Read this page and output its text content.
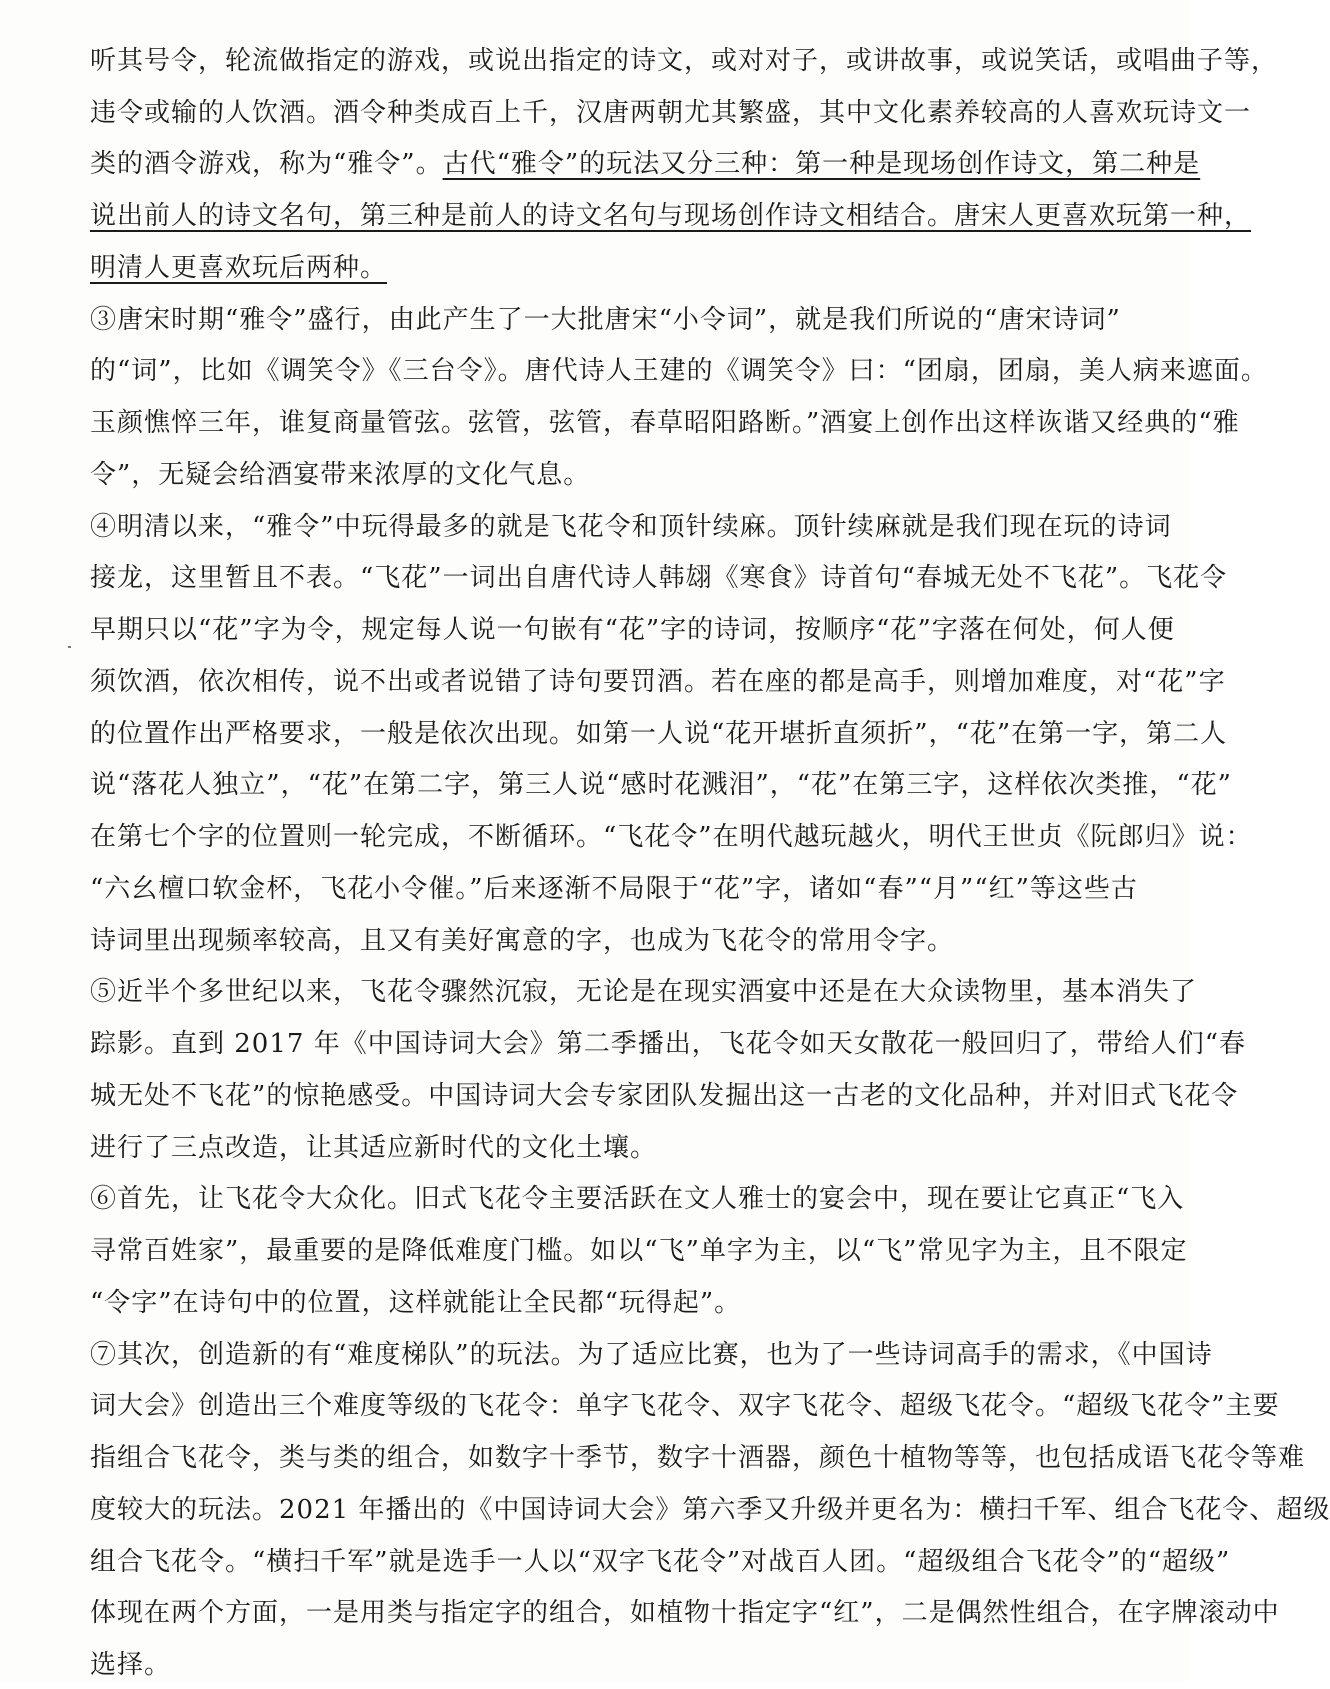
听其号令，轮流做指定的游戏，或说出指定的诗文，或对对子，或讲故事，或说笑话，或唱曲子等，
违令或输的人饮酒。酒令种类成百上千，汉唐两朝尤其繁盛，其中文化素养较高的人喜欢玩诗文一
类的酒令游戏，称为“雅令”。古代“雅令”的玩法又分三种：第一种是现场创作诗文，第二种是
说出前人的诗文名句，第三种是前人的诗文名句与现场创作诗文相结合。唐宋人更喜欢玩第一种，
明清人更喜欢玩后两种。
③唐宋时期“雅令”盛行，由此产生了一大批唐宋“小令词”，就是我们所说的“唐宋诗词”
的“词”，比如《调笑令》《三台令》。唐代诗人王建的《调笑令》曰：“团扇，团扇，美人病来遮面。
玉颜憔悴三年，谁复商量管弦。弦管，弦管，春草昭阳路断。”酒宴上创作出这样诙谐又经典的“雅
令”，无疑会给酒宴带来浓厚的文化气息。
④明清以来，“雅令”中玩得最多的就是飞花令和顶针续麻。顶针续麻就是我们现在玩的诗词
接龙，这里暂且不表。“飞花”一词出自唐代诗人韩翃《寒食》诗首句“春城无处不飞花”。飞花令
早期只以“花”字为令，规定每人说一句嵌有“花”字的诗词，按顺序“花”字落在何处，何人便
须饮酒，依次相传，说不出或者说错了诗句要罚酒。若在座的都是高手，则增加难度，对“花”字
的位置作出严格要求，一般是依次出现。如第一人说“花开堪折直须折”，“花”在第一字，第二人
说“落花人独立”，“花”在第二字，第三人说“感时花溅泪”，“花”在第三字，这样依次类推，“花”
在第七个字的位置则一轮完成，不断循环。“飞花令”在明代越玩越火，明代王世贞《阮郎归》说：
“六幺檀口软金杯，飞花小令催。”后来逐渐不局限于“花”字，诸如“春”“月”“红”等这些古
诗词里出现频率较高，且又有美好寓意的字，也成为飞花令的常用令字。
⑤近半个多世纪以来，飞花令骤然沉寂，无论是在现实酒宴中还是在大众读物里，基本消失了
踪影。直到 2017 年《中国诗词大会》第二季播出，飞花令如天女散花一般回归了，带给人们“春
城无处不飞花”的惊艳感受。中国诗词大会专家团队发掘出这一古老的文化品种，并对旧式飞花令
进行了三点改造，让其适应新时代的文化土壤。
⑥首先，让飞花令大众化。旧式飞花令主要活跃在文人雅士的宴会中，现在要让它真正“飞入
寻常百姓家”，最重要的是降低难度门槛。如以“飞”单字为主，以“飞”常见字为主，且不限定
“令字”在诗句中的位置，这样就能让全民都“玩得起”。
⑦其次，创造新的有“难度梯队”的玩法。为了适应比赛，也为了一些诗词高手的需求，《中国诗
词大会》创造出三个难度等级的飞花令：单字飞花令、双字飞花令、超级飞花令。“超级飞花令”主要
指组合飞花令，类与类的组合，如数字十季节，数字十酒器，颜色十植物等等，也包括成语飞花令等难
度较大的玩法。2021 年播出的《中国诗词大会》第六季又升级并更名为：横扫千军、组合飞花令、超级
组合飞花令。“横扫千军”就是选手一人以“双字飞花令”对战百人团。“超级组合飞花令”的“超级”
体现在两个方面，一是用类与指定字的组合，如植物十指定字“红”，二是偶然性组合，在字牌滚动中
选择。
